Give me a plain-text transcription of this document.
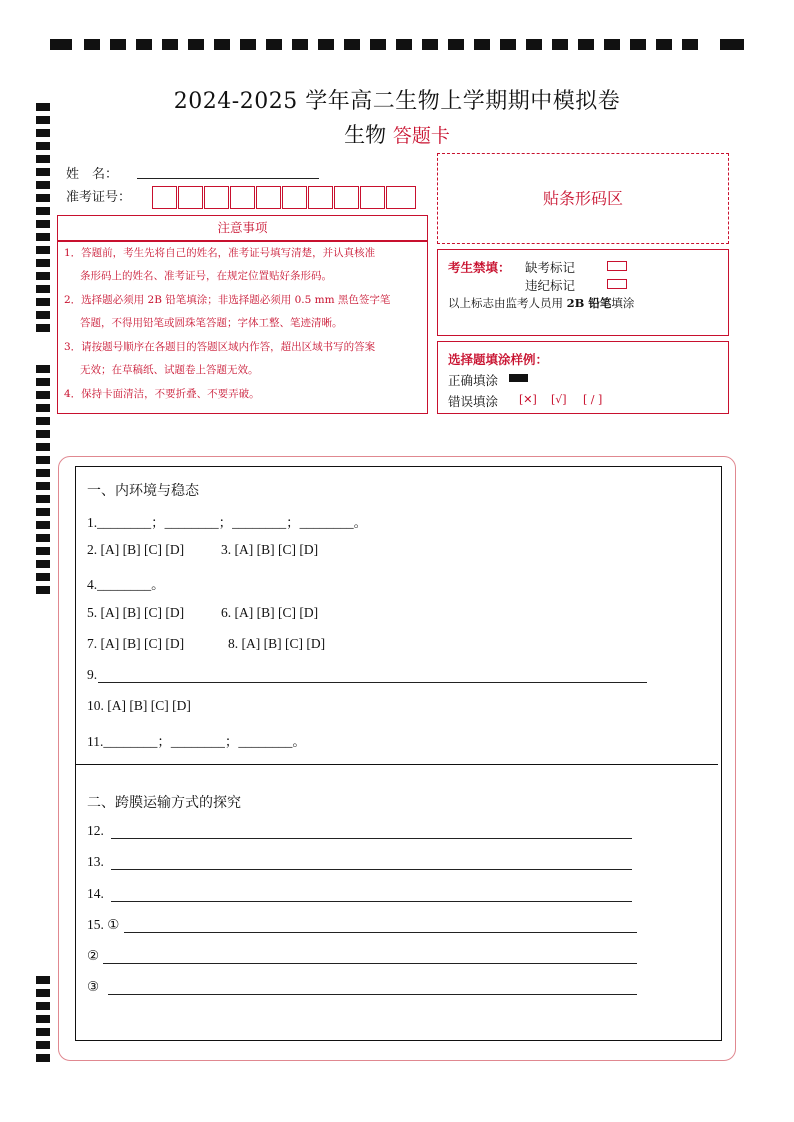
2024-2025 学年高二生物上学期期中模拟卷
生物 答题卡
姓　名：
准考证号：	贴条形码区
注意事项
1．答题前，考生先将自己的姓名，准考证号填写清楚，并认真核准
条形码上的姓名、准考证号，在规定位置贴好条形码。
2．选择题必须用 2B 铅笔填涂；非选择题必须用 0.5 mm 黑色签字笔
答题，不得用铅笔或圆珠笔答题；字体工整、笔迹清晰。
3．请按题号顺序在各题目的答题区域内作答，超出区域书写的答案
无效；在草稿纸、试题卷上答题无效。
4．保持卡面清洁，不要折叠、不要弄破。
考生禁填： 缺考标记
违纪标记
以上标志由监考人员用 2B 铅笔填涂
选择题填涂样例：
正确填涂
错误填涂 [✕] [√] [ / ]
一、内环境与稳态
1.________；________；________；________。
2. [A] [B] [C] [D]	3. [A] [B] [C] [D]
4.________。
5. [A] [B] [C] [D]	6. [A] [B] [C] [D]
7. [A] [B] [C] [D]	8. [A] [B] [C] [D]
9.
10. [A] [B] [C] [D]
11.________；________；________。
二、跨膜运输方式的探究
12.
13.
14.
15. ①
②
③
